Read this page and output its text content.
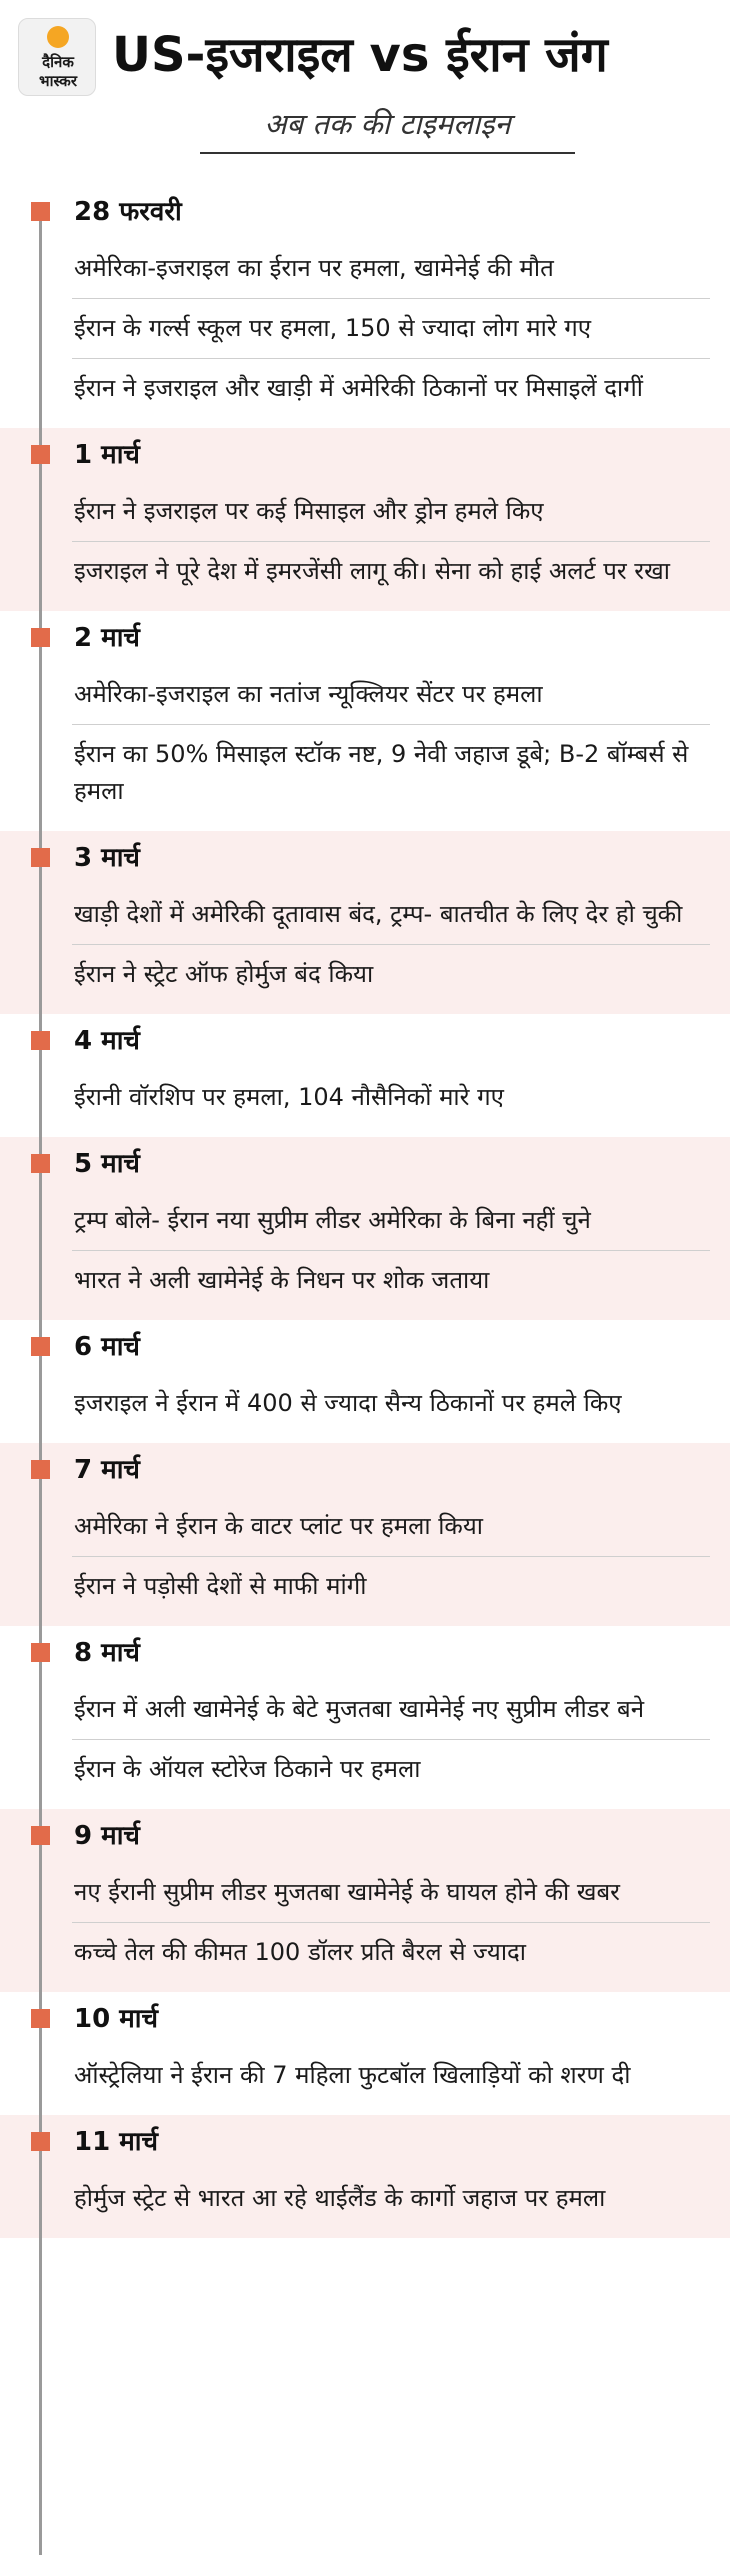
दैनिक
भास्कर US-इजराइल vs ईरान जंग
अब तक की टाइमलाइन
28 फरवरी
अमेरिका-इजराइल का ईरान पर हमला, खामेनेई की मौत
ईरान के गर्ल्स स्कूल पर हमला, 150 से ज्यादा लोग मारे गए
ईरान ने इजराइल और खाड़ी में अमेरिकी ठिकानों पर मिसाइलें दागीं
1 मार्च
ईरान ने इजराइल पर कई मिसाइल और ड्रोन हमले किए
इजराइल ने पूरे देश में इमरजेंसी लागू की। सेना को हाई अलर्ट पर रखा
2 मार्च
अमेरिका-इजराइल का नतांज न्यूक्लियर सेंटर पर हमला
ईरान का 50% मिसाइल स्टॉक नष्ट, 9 नेवी जहाज डूबे; B-2 बॉम्बर्स से हमला
3 मार्च
खाड़ी देशों में अमेरिकी दूतावास बंद, ट्रम्प- बातचीत के लिए देर हो चुकी
ईरान ने स्ट्रेट ऑफ होर्मुज बंद किया
4 मार्च
ईरानी वॉरशिप पर हमला, 104 नौसैनिकों मारे गए
5 मार्च
ट्रम्प बोले- ईरान नया सुप्रीम लीडर अमेरिका के बिना नहीं चुने
भारत ने अली खामेनेई के निधन पर शोक जताया
6 मार्च
इजराइल ने ईरान में 400 से ज्यादा सैन्य ठिकानों पर हमले किए
7 मार्च
अमेरिका ने ईरान के वाटर प्लांट पर हमला किया
ईरान ने पड़ोसी देशों से माफी मांगी
8 मार्च
ईरान में अली खामेनेई के बेटे मुजतबा खामेनेई नए सुप्रीम लीडर बने
ईरान के ऑयल स्टोरेज ठिकाने पर हमला
9 मार्च
नए ईरानी सुप्रीम लीडर मुजतबा खामेनेई के घायल होने की खबर
कच्चे तेल की कीमत 100 डॉलर प्रति बैरल से ज्यादा
10 मार्च
ऑस्ट्रेलिया ने ईरान की 7 महिला फुटबॉल खिलाड़ियों को शरण दी
11 मार्च
होर्मुज स्ट्रेट से भारत आ रहे थाईलैंड के कार्गो जहाज पर हमला
